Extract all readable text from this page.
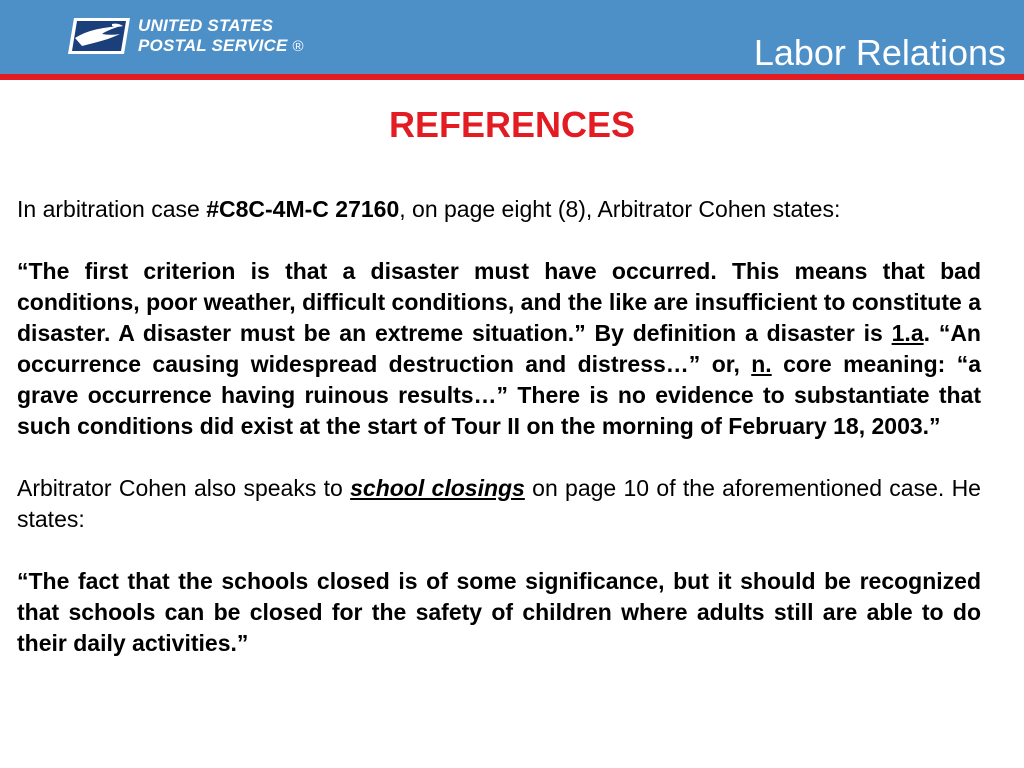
UNITED STATES
POSTAL SERVICE ®	Labor Relations
REFERENCES

In arbitration case #C8C-4M-C 27160, on page eight (8), Arbitrator Cohen states:

“The first criterion is that a disaster must have occurred. This means that bad conditions, poor weather, difficult conditions, and the like are insufficient to constitute a disaster. A disaster must be an extreme situation.” By definition a disaster is 1.a. “An occurrence causing widespread destruction and distress…” or, n. core meaning: “a grave occurrence having ruinous results…” There is no evidence to substantiate that such conditions did exist at the start of Tour II on the morning of February 18, 2003.”

Arbitrator Cohen also speaks to school closings on page 10 of the aforementioned case. He states:

“The fact that the schools closed is of some significance, but it should be recognized that schools can be closed for the safety of children where adults still are able to do their daily activities.”
